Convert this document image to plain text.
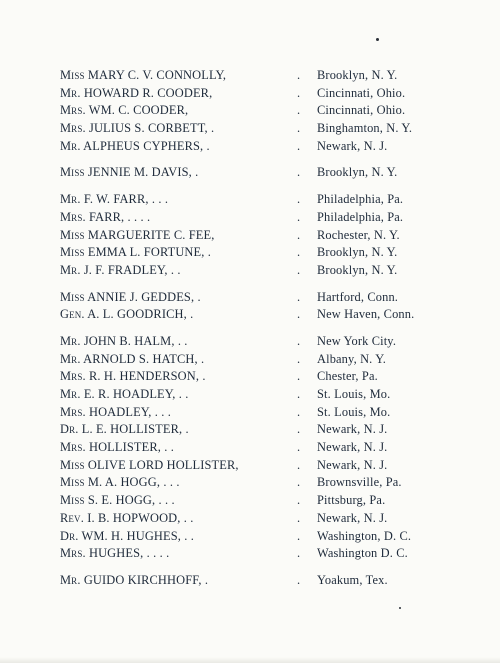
Miss MARY C. V. CONNOLLY,	.	Brooklyn, N. Y.
Mr. HOWARD R. COODER,	.	Cincinnati, Ohio.
Mrs. WM. C. COODER,	.	Cincinnati, Ohio.
Mrs. JULIUS S. CORBETT, .	.	Binghamton, N. Y.
Mr. ALPHEUS CYPHERS, .	.	Newark, N. J.
Miss JENNIE M. DAVIS, .	.	Brooklyn, N. Y.
Mr. F. W. FARR, . . .	.	Philadelphia, Pa.
Mrs. FARR, . . . .	.	Philadelphia, Pa.
Miss MARGUERITE C. FEE,	.	Rochester, N. Y.
Miss EMMA L. FORTUNE, .	.	Brooklyn, N. Y.
Mr. J. F. FRADLEY, . .	.	Brooklyn, N. Y.
Miss ANNIE J. GEDDES, .	.	Hartford, Conn.
Gen. A. L. GOODRICH, .	.	New Haven, Conn.
Mr. JOHN B. HALM, . .	.	New York City.
Mr. ARNOLD S. HATCH, .	.	Albany, N. Y.
Mrs. R. H. HENDERSON, .	.	Chester, Pa.
Mr. E. R. HOADLEY, . .	.	St. Louis, Mo.
Mrs. HOADLEY, . . .	.	St. Louis, Mo.
Dr. L. E. HOLLISTER, .	.	Newark, N. J.
Mrs. HOLLISTER, . .	.	Newark, N. J.
Miss OLIVE LORD HOLLISTER,	.	Newark, N. J.
Miss M. A. HOGG, . . .	.	Brownsville, Pa.
Miss S. E. HOGG, . . .	.	Pittsburg, Pa.
Rev. I. B. HOPWOOD, . .	.	Newark, N. J.
Dr. WM. H. HUGHES, . .	.	Washington, D. C.
Mrs. HUGHES, . . . .	.	Washington D. C.
Mr. GUIDO KIRCHHOFF, .	.	Yoakum, Tex.
